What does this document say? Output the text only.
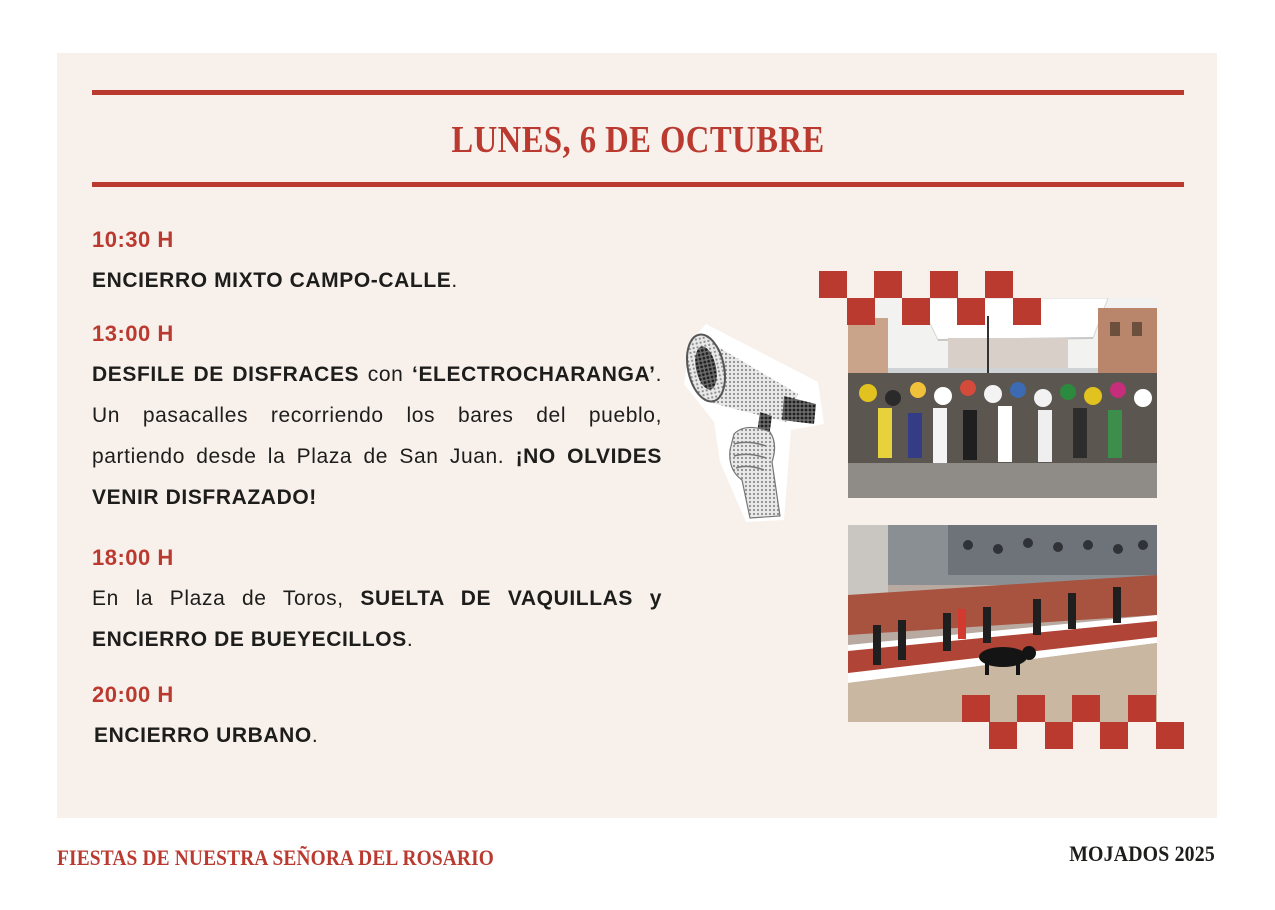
LUNES, 6 DE OCTUBRE
10:30 H
ENCIERRO MIXTO CAMPO-CALLE.
13:00 H
DESFILE DE DISFRACES con ‘ELECTROCHARANGA’. Un pasacalles recorriendo los bares del pueblo, partiendo desde la Plaza de San Juan. ¡NO OLVIDES VENIR DISFRAZADO!
18:00 H
En la Plaza de Toros, SUELTA DE VAQUILLAS y ENCIERRO DE BUEYECILLOS.
20:00 H
ENCIERRO URBANO.
FIESTAS DE NUESTRA SEÑORA DEL ROSARIO	MOJADOS 2025
